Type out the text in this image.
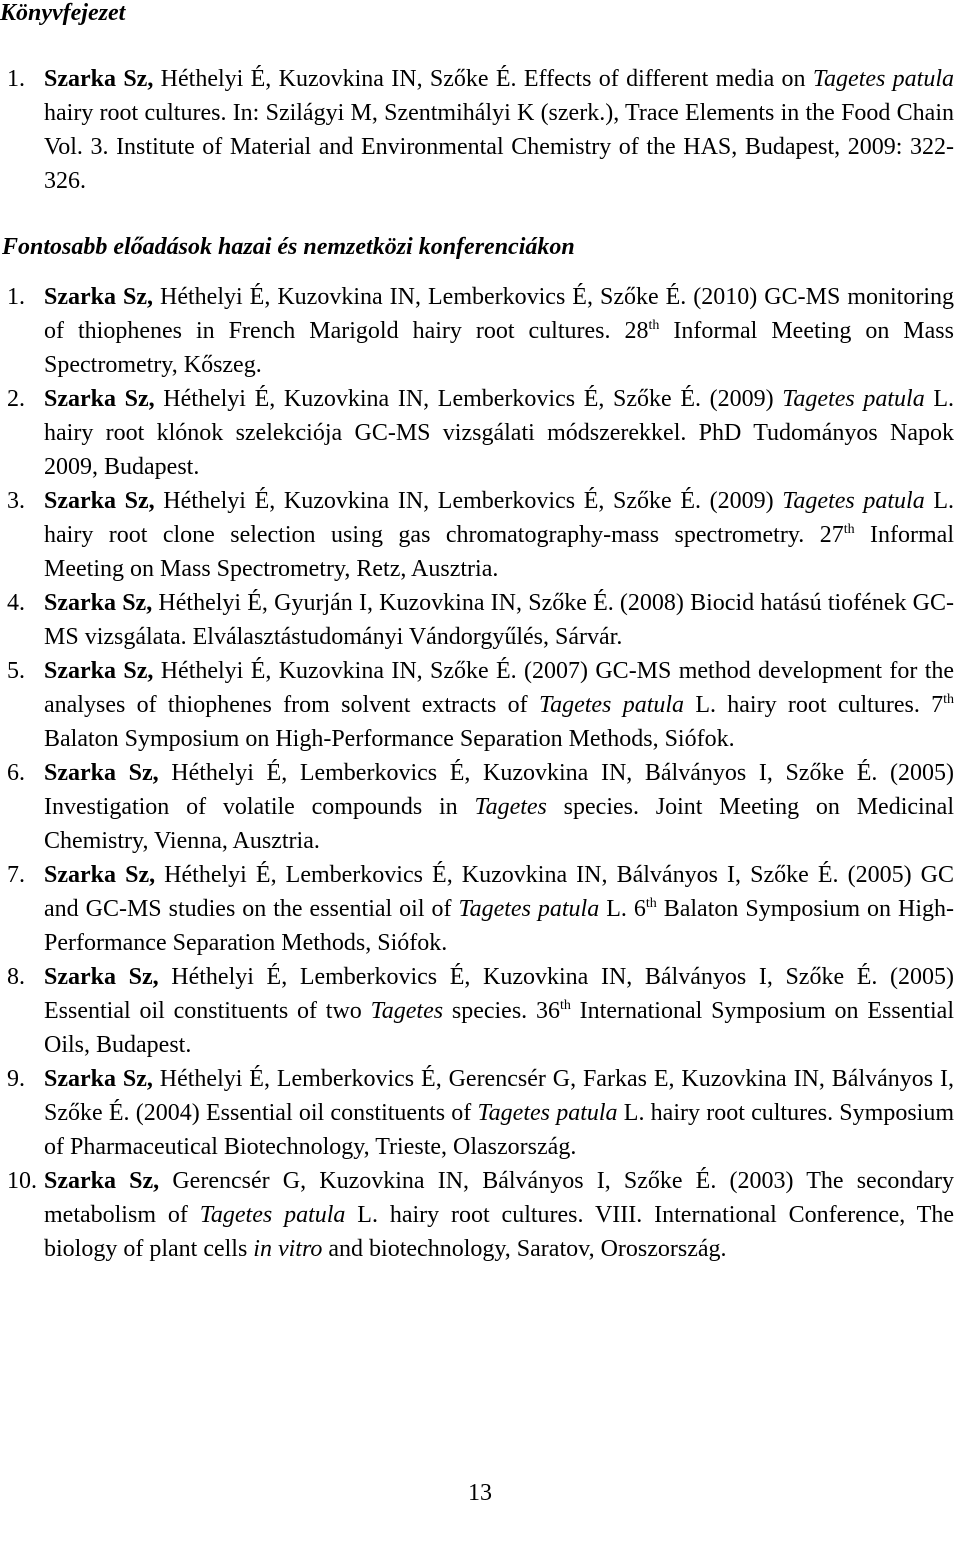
Könyvfejezet
1. Szarka Sz, Héthelyi É, Kuzovkina IN, Szőke É. Effects of different media on Tagetes patula hairy root cultures. In: Szilágyi M, Szentmihályi K (szerk.), Trace Elements in the Food Chain Vol. 3. Institute of Material and Environmental Chemistry of the HAS, Budapest, 2009: 322-326.
Fontosabb előadások hazai és nemzetközi konferenciákon
1. Szarka Sz, Héthelyi É, Kuzovkina IN, Lemberkovics É, Szőke É. (2010) GC-MS monitoring of thiophenes in French Marigold hairy root cultures. 28th Informal Meeting on Mass Spectrometry, Kőszeg.
2. Szarka Sz, Héthelyi É, Kuzovkina IN, Lemberkovics É, Szőke É. (2009) Tagetes patula L. hairy root klónok szelekciója GC-MS vizsgálati módszerekkel. PhD Tudományos Napok 2009, Budapest.
3. Szarka Sz, Héthelyi É, Kuzovkina IN, Lemberkovics É, Szőke É. (2009) Tagetes patula L. hairy root clone selection using gas chromatography-mass spectrometry. 27th Informal Meeting on Mass Spectrometry, Retz, Ausztria.
4. Szarka Sz, Héthelyi É, Gyurján I, Kuzovkina IN, Szőke É. (2008) Biocid hatású tiofének GC-MS vizsgálata. Elválasztástudományi Vándorgyűlés, Sárvár.
5. Szarka Sz, Héthelyi É, Kuzovkina IN, Szőke É. (2007) GC-MS method development for the analyses of thiophenes from solvent extracts of Tagetes patula L. hairy root cultures. 7th Balaton Symposium on High-Performance Separation Methods, Siófok.
6. Szarka Sz, Héthelyi É, Lemberkovics É, Kuzovkina IN, Bálványos I, Szőke É. (2005) Investigation of volatile compounds in Tagetes species. Joint Meeting on Medicinal Chemistry, Vienna, Ausztria.
7. Szarka Sz, Héthelyi É, Lemberkovics É, Kuzovkina IN, Bálványos I, Szőke É. (2005) GC and GC-MS studies on the essential oil of Tagetes patula L. 6th Balaton Symposium on High-Performance Separation Methods, Siófok.
8. Szarka Sz, Héthelyi É, Lemberkovics É, Kuzovkina IN, Bálványos I, Szőke É. (2005) Essential oil constituents of two Tagetes species. 36th International Symposium on Essential Oils, Budapest.
9. Szarka Sz, Héthelyi É, Lemberkovics É, Gerencsér G, Farkas E, Kuzovkina IN, Bálványos I, Szőke É. (2004) Essential oil constituents of Tagetes patula L. hairy root cultures. Symposium of Pharmaceutical Biotechnology, Trieste, Olaszország.
10. Szarka Sz, Gerencsér G, Kuzovkina IN, Bálványos I, Szőke É. (2003) The secondary metabolism of Tagetes patula L. hairy root cultures. VIII. International Conference, The biology of plant cells in vitro and biotechnology, Saratov, Oroszország.
13
